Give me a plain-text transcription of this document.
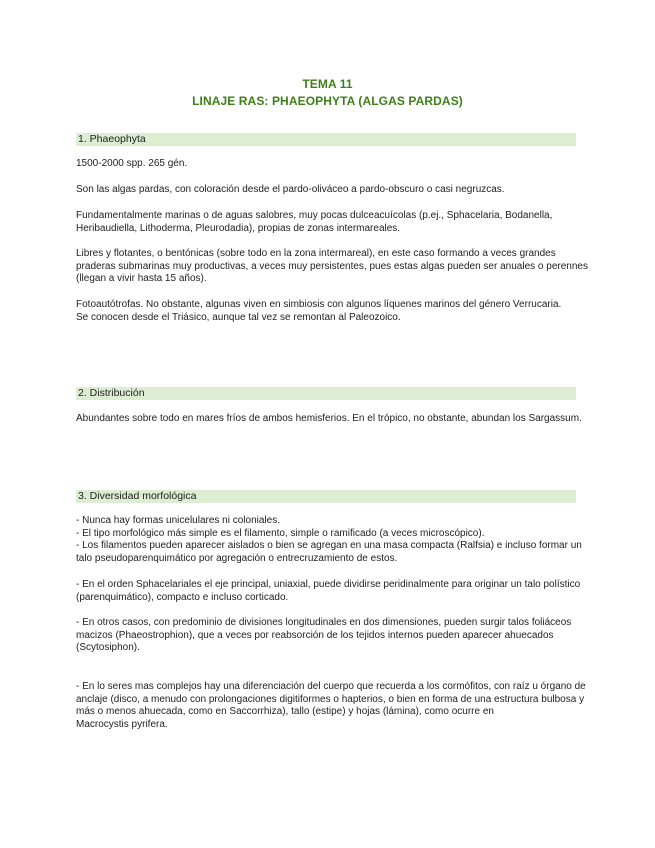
TEMA 11
LINAJE RAS: PHAEOPHYTA (ALGAS PARDAS)
1. Phaeophyta
1500-2000 spp. 265 gén.
Son las algas pardas, con coloración desde el pardo-oliváceo a pardo-obscuro o casi negruzcas.
Fundamentalmente marinas o de aguas salobres, muy pocas dulceacuícolas (p.ej., Sphacelaria, Bodanella,
Heribaudiella, Lithoderma, Pleurodadia), propias de zonas intermareales.
Libres y flotantes, o bentónicas (sobre todo en la zona intermareal), en este caso formando a veces grandes
praderas submarinas muy productivas, a veces muy persistentes, pues estas algas pueden ser anuales o perennes
(llegan a vivir hasta 15 años).
Fotoautótrofas. No obstante, algunas viven en simbiosis con algunos líquenes marinos del género Verrucaria.
Se conocen desde el Triásico, aunque tal vez se remontan al Paleozoico.
2. Distribución
Abundantes sobre todo en mares fríos de ambos hemisferios. En el trópico, no obstante, abundan los Sargassum.
3. Diversidad morfológica
- Nunca hay formas unicelulares ni coloniales.
- El tipo morfológico más simple es el filamento, simple o ramificado (a veces microscópico).
- Los filamentos pueden aparecer aislados o bien se agregan en una masa compacta (Ralfsia) e incluso formar un
talo pseudoparenquimático por agregación o entrecruzamiento de estos.
- En el orden Sphacelariales el eje principal, uniaxial, puede dividirse peridinalmente para originar un talo polístico
(parenquimático), compacto e incluso corticado.
- En otros casos, con predominio de divisiones longitudinales en dos dimensiones, pueden surgir talos foliáceos
macizos (Phaeostrophion), que a veces por reabsorción de los tejidos internos pueden aparecer ahuecados
(Scytosiphon).
- En lo seres mas complejos hay una diferenciación del cuerpo que recuerda a los cormófitos, con raíz u órgano de
anclaje (disco, a menudo con prolongaciones digitiformes o hapterios, o bien en forma de una estructura bulbosa y
más o menos ahuecada, como en Saccorrhiza), tallo (estipe) y hojas (lámina), como ocurre en
Macrocystis pyrifera.
